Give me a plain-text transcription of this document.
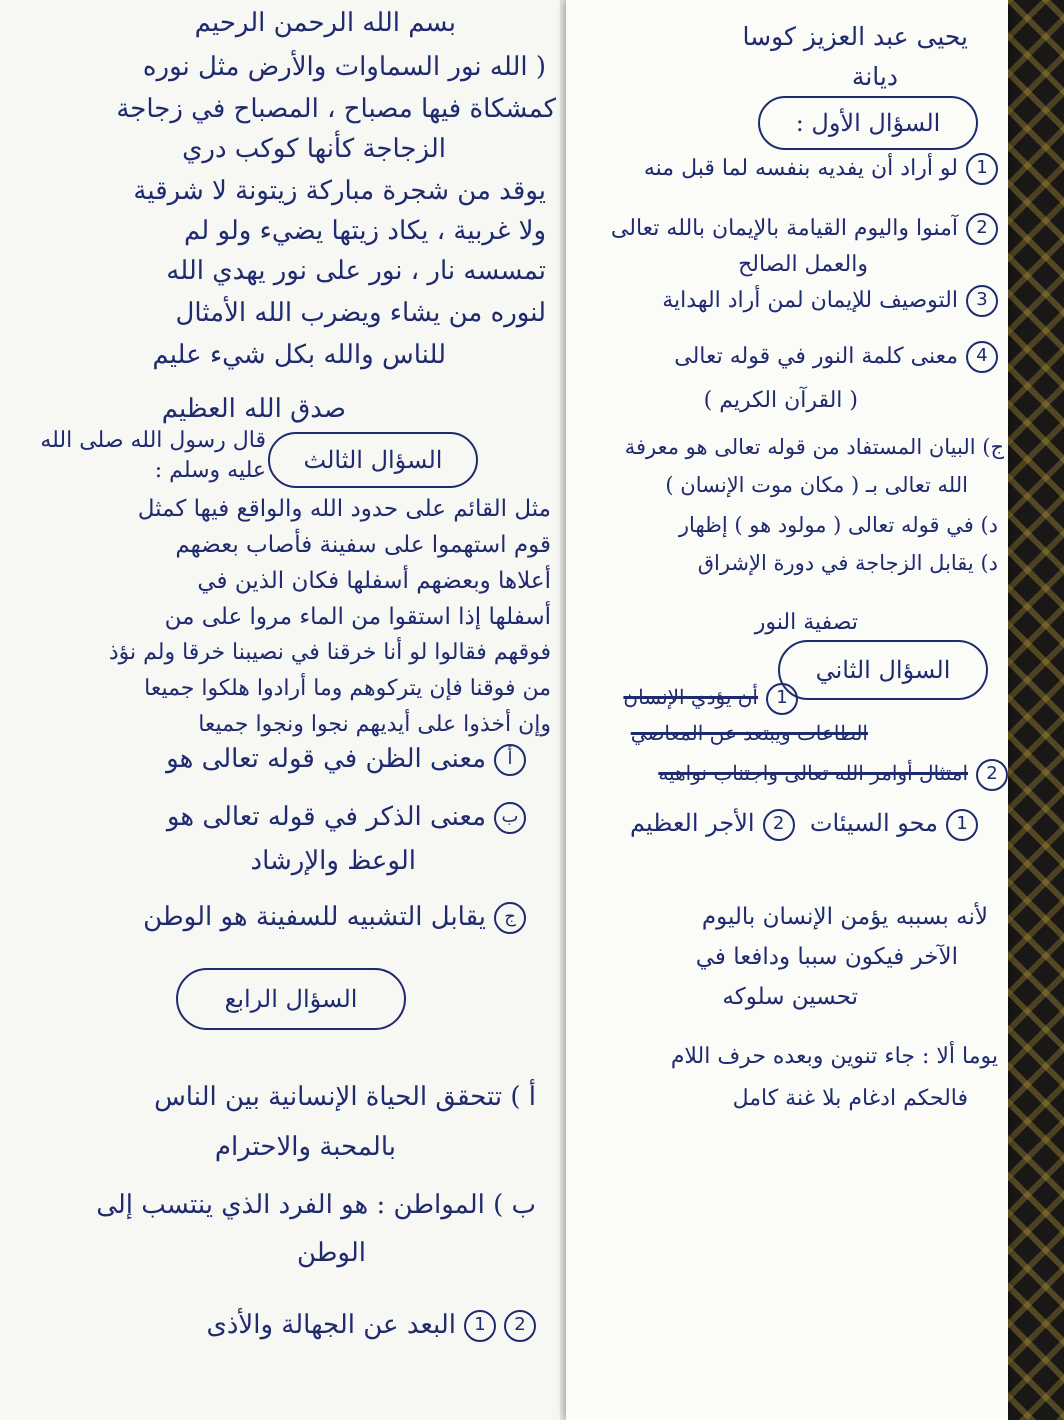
بسم الله الرحمن الرحيم
( الله نور السماوات والأرض مثل نوره
كمشكاة فيها مصباح ، المصباح في زجاجة
الزجاجة كأنها كوكب دري
يوقد من شجرة مباركة زيتونة لا شرقية
ولا غربية ، يكاد زيتها يضيء ولو لم
تمسسه نار ، نور على نور يهدي الله
لنوره من يشاء ويضرب الله الأمثال
للناس والله بكل شيء عليم
صدق الله العظيم
السؤال الثالث
قال رسول الله صلى الله عليه وسلم :
مثل القائم على حدود الله والواقع فيها كمثل
قوم استهموا على سفينة فأصاب بعضهم
أعلاها وبعضهم أسفلها فكان الذين في
أسفلها إذا استقوا من الماء مروا على من
فوقهم فقالوا لو أنا خرقنا في نصيبنا خرقا ولم نؤذ
من فوقنا فإن يتركوهم وما أرادوا هلكوا جميعا
وإن أخذوا على أيديهم نجوا ونجوا جميعا
أمعنى الظن في قوله تعالى هو
بمعنى الذكر في قوله تعالى هو
الوعظ والإرشاد
جيقابل التشبيه للسفينة هو الوطن
السؤال الرابع
أ ) تتحقق الحياة الإنسانية بين الناس
بالمحبة والاحترام
ب ) المواطن : هو الفرد الذي ينتسب إلى
الوطن
21البعد عن الجهالة والأذى
يحيى عبد العزيز كوسا
ديانة
السؤال الأول :
1لو أراد أن يفديه بنفسه لما قبل منه
2آمنوا واليوم القيامة بالإيمان بالله تعالى
والعمل الصالح
3التوصيف للإيمان لمن أراد الهداية
4معنى كلمة النور في قوله تعالى
( القرآن الكريم )
ج) البيان المستفاد من قوله تعالى هو معرفة
الله تعالى بـ ( مكان موت الإنسان )
د) في قوله تعالى ( مولود هو ) إظهار
د) يقابل الزجاجة في دورة الإشراق
تصفية النور
السؤال الثاني
1أن يؤدي الإنسان
الطاعات ويبتعد عن المعاصي
2امتثال أوامر الله تعالى واجتناب نواهيه
1محو السيئات  2الأجر العظيم
لأنه بسببه يؤمن الإنسان باليوم
الآخر فيكون سببا ودافعا في
تحسين سلوكه
يوما ألا : جاء تنوين وبعده حرف اللام
فالحكم ادغام بلا غنة كامل
